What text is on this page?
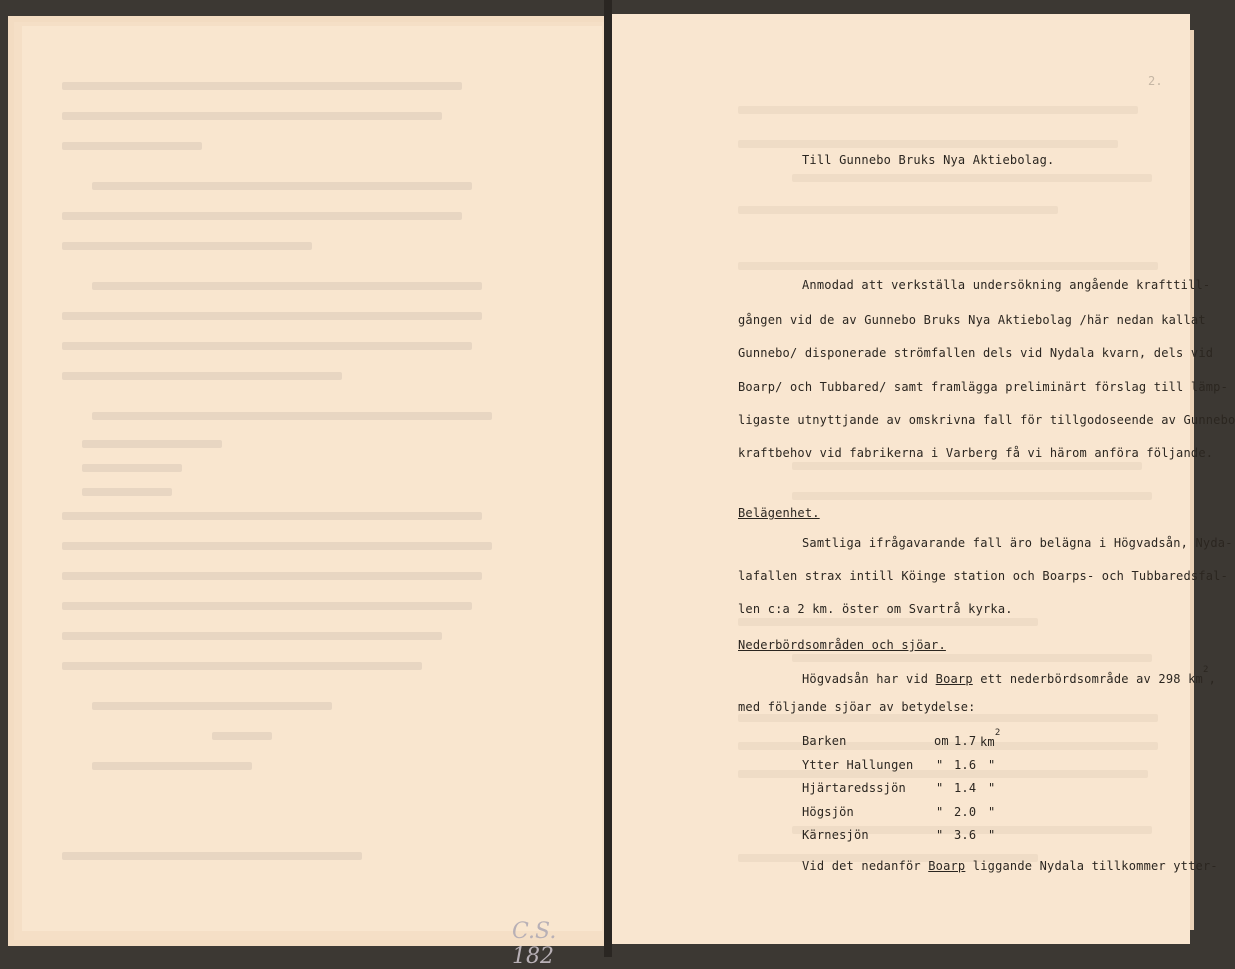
C.S. 182
2.
Till Gunnebo Bruks Nya Aktiebolag.
Anmodad att verkställa undersökning angående krafttill-
gången vid de av Gunnebo Bruks Nya Aktiebolag /här nedan kallat
Gunnebo/ disponerade strömfallen dels vid Nydala kvarn, dels vid
Boarp/ och Tubbared/ samt framlägga preliminärt förslag till lämp-
ligaste utnyttjande av omskrivna fall för tillgodoseende av Gunnebo
kraftbehov vid fabrikerna i Varberg få vi härom anföra följande.
Belägenhet.
Samtliga ifrågavarande fall äro belägna i Högvadsån, Nyda-
lafallen strax intill Köinge station och Boarps- och Tubbaredsfal-
len c:a 2 km. öster om Svartrå kyrka.
Nederbördsområden och sjöar.
Högvadsån har vid Boarp ett nederbördsområde av 298 $km^2$,
med följande sjöar av betydelse:
Barken	om 1.7 $km^2$
Ytter Hallungen " 1.6 "
Hjärtaredssjön	" 1.4 "
Högsjön	" 2.0 "
Kärnesjön	" 3.6 "
Vid det nedanför Boarp liggande Nydala tillkommer ytter-
